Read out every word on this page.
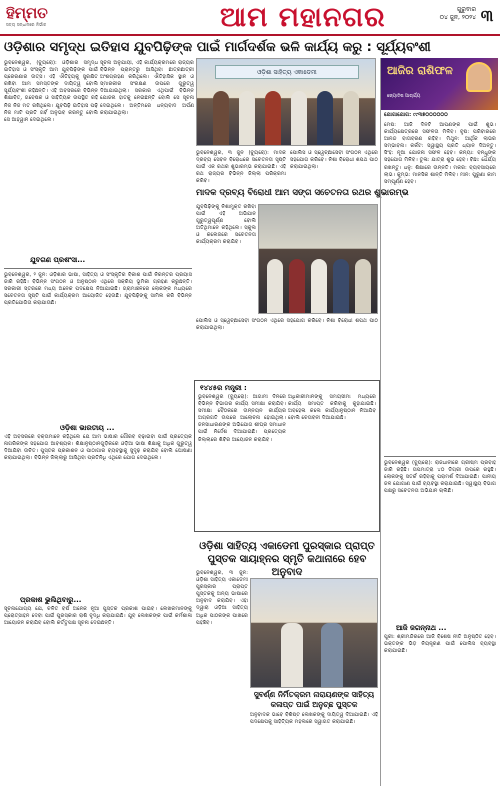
ହିମ୍ମତ
ସତ୍ୟ ସନ୍ଧାନରେ ନିର୍ଭୀକ	ଆମ ମହାନଗର	ଗୁରୁବାର
୦୪ ଜୁନ, ୨୦୨୪ ୩
ଓଡ଼ିଶାର ସମୃଦ୍ଧ ଇତିହାସ ଯୁବପିଢ଼ିଙ୍କ ପାଇଁ ମାର୍ଗଦର୍ଶକ ଭଳି କାର୍ଯ୍ୟ କରୁ : ସୂର୍ଯ୍ୟବଂଶୀ
ଭୁବନେଶ୍ୱର, (ବ୍ୟୁରୋ): ଓଡ଼ିଶାର ସମୃଦ୍ଧ ଇତିହାସ ଓ ସଂସ୍କୃତି ଆମ ଯୁବପିଢ଼ିଙ୍କ ପାଇଁ ପ୍ରେରଣାର ଉତ୍ସ। ଏହି ଐତିହ୍ୟକୁ ସୁରକ୍ଷିତ ରଖିବା ଆମ ସମସ୍ତଙ୍କ ଦାୟିତ୍ୱ ବୋଲି ସୂର୍ଯ୍ୟବଂଶୀ କହିଛନ୍ତି। ଏହି ଅବସରରେ ବିଭିନ୍ନ ଶିକ୍ଷାବିତ୍, ଗବେଷକ ଓ ସାହିତ୍ୟିକ ଉପସ୍ଥିତ ରହି ନିଜ ନିଜ ମତ ରଖିଥିଲେ। ଯୁବପିଢ଼ି ଇତିହାସ ପଢ଼ି ନିଜ ମାଟି ପ୍ରତି ଗର୍ବ ଅନୁଭବ କରନ୍ତୁ ବୋଲି ସେ ଆହ୍ୱାନ ଦେଇଥିଲେ।
ସୂଚନା ଅନୁଯାୟୀ, ଏହି କାର୍ଯ୍ୟକ୍ରମରେ ରାଜ୍ୟର ବିଭିନ୍ନ ପ୍ରାନ୍ତରୁ ଆସିଥିବା ଛାତ୍ରଛାତ୍ରୀ ଅଂଶଗ୍ରହଣ କରିଥିଲେ। ଐତିହାସିକ ସ୍ଥାନ ଓ ସ୍ମାରକୀର ସଂରକ୍ଷଣ ଉପରେ ଗୁରୁତ୍ୱ ଦିଆଯାଇଥିଲା। ସରକାର ଏଥିପାଇଁ ବିଭିନ୍ନ ଯୋଜନା ହାତକୁ ନେଇଛନ୍ତି ବୋଲି ସେ ସୂଚନା ଦେଇଥିଲେ। ଅନ୍ତିମରେ ଧନ୍ୟବାଦ ଅର୍ପଣ କରାଯାଇଥିଲା।
ଯୁବଗଣ ପ୍ରଶଂସା...
ଓଡ଼ିଶା ସାହିତ୍ୟ ଏକାଡେମୀ
ଭୁବନେଶ୍ୱର, ୩ ଜୁନ (ବ୍ୟୁରୋ): ମାଦକ ଦ୍ରବ୍ୟ ସେବନ ବିରୋଧରେ ସଚେତନତା ସୃଷ୍ଟି ପାଇଁ ଏକ ରଥର ଶୁଭାରମ୍ଭ କରାଯାଇଛି। ଏହି ରଥ ରାଜ୍ୟର ବିଭିନ୍ନ ଜିଲ୍ଲା ପରିକ୍ରମା କରିବ।
ପୋଲିସ ଓ ସ୍ୱେଚ୍ଛାସେବୀ ସଂଗଠନ ଏଥିରେ ସହଯୋଗ କରିବେ। ନିଶା ବିରୋଧୀ ଶପଥ ପାଠ କରାଯାଇଥିଲା।
ଭୁବନେଶ୍ୱର, ୨ ଜୁନ: ଓଡ଼ିଶାର ଭାଷା, ସାହିତ୍ୟ ଓ ସଂସ୍କୃତିର ବିକାଶ ପାଇଁ ନିରନ୍ତର ପ୍ରୟାସ ଜାରି ରହିଛି। ବିଭିନ୍ନ ସଂଗଠନ ଓ ଅନୁଷ୍ଠାନ ଏଥିରେ ସକ୍ରିୟ ଭୂମିକା ଗ୍ରହଣ କରୁଛନ୍ତି। ସରକାରୀ ସ୍ତରରେ ମଧ୍ୟ ଅନେକ ପଦକ୍ଷେପ ନିଆଯାଇଛି। ଗ୍ରାମାଞ୍ଚଳରେ ଲୋକଙ୍କ ମଧ୍ୟରେ ସଚେତନତା ସୃଷ୍ଟି ପାଇଁ କାର୍ଯ୍ୟକ୍ରମ ଆୟୋଜିତ ହେଉଛି। ଯୁବପିଢ଼ିଙ୍କୁ ସାମିଲ କରି ବିଭିନ୍ନ ପ୍ରତିଯୋଗିତା କରାଯାଉଛି।
ଓଡ଼ିଶା ଭାରତୀୟ ...
ଏହି ଅବସରରେ ବକ୍ତାମାନେ କହିଥିଲେ ଯେ ଆମ ଭାଷାର ଗୌରବ ବଢ଼ାଇବା ପାଇଁ ପ୍ରତ୍ୟେକ ନାଗରିକଙ୍କ ସହଯୋଗ ଆବଶ୍ୟକ। ଶିକ୍ଷାନୁଷ୍ଠାନଗୁଡ଼ିକରେ ଓଡ଼ିଆ ଭାଷା ଶିକ୍ଷାକୁ ଅଧିକ ଗୁରୁତ୍ୱ ଦିଆଯିବା ଉଚିତ। ପୁସ୍ତକ ପ୍ରକାଶନ ଓ ପାଠାଗାର ବ୍ୟବସ୍ଥାକୁ ସୁଦୃଢ଼ କରାଯିବ ବୋଲି ଘୋଷଣା କରାଯାଇଥିଲା। ବିଭିନ୍ନ ଜିଲ୍ଲାରୁ ଆସିଥିବା ପ୍ରତିନିଧି ଏଥିରେ ଯୋଗ ଦେଇଥିଲେ।
ପ୍ରକାଶ ଭୁଲିଥିବାରୁ...
ସୂଚନାଯୋଗ୍ୟ ଯେ, ଚଳିତ ବର୍ଷ ଅନେକ ନୂଆ ପୁସ୍ତକ ପ୍ରକାଶ ପାଇବ। ଲେଖକମାନଙ୍କୁ ପ୍ରୋତ୍ସାହନ ଦେବା ପାଇଁ ପୁରସ୍କାର ରାଶି ବୃଦ୍ଧି କରାଯାଇଛି। ଯୁବ ଲେଖକଙ୍କ ପାଇଁ କର୍ମଶାଳା ଆୟୋଜନ କରାଯିବ ବୋଲି କର୍ତ୍ତୃପକ୍ଷ ସୂଚନା ଦେଇଛନ୍ତି।
ମାଦକ ଦ୍ରବ୍ୟ ବିରୋଧୀ ଆମ ସଙ୍ଗ ସଚେତନତା ରଥର ଶୁଭାରମ୍ଭ
ଯୁବପିଢ଼ିଙ୍କୁ ନିଶାମୁକ୍ତ ରଖିବା ପାଇଁ ଏହି ଅଭିଯାନ ଗୁରୁତ୍ୱପୂର୍ଣ୍ଣ ବୋଲି ଅତିଥିମାନେ କହିଥିଲେ। ସ୍କୁଲ ଓ କଲେଜରେ ସଚେତନତା କାର୍ଯ୍ୟକ୍ରମ କରାଯିବ।
ପୋଲିସ ଓ ସ୍ୱେଚ୍ଛାସେବୀ ସଂଗଠନ ଏଥିରେ ସହଯୋଗ କରିବେ। ନିଶା ବିରୋଧୀ ଶପଥ ପାଠ କରାଯାଇଥିଲା।
୧୪୪୫ର ମନ୍ତ୍ରୀ :
ଭୁବନେଶ୍ୱର (ବ୍ୟୁରୋ): ଆଗାମୀ ଦିନରେ ବିଭିନ୍ନ ବିଭାଗର କାର୍ଯ୍ୟ ସମୀକ୍ଷା କରାଯିବ। ସମୀକ୍ଷା ବୈଠକରେ ଉନ୍ନୟନ କାର୍ଯ୍ୟର ଅଗ୍ରଗତି ଉପରେ ଆଲୋଚନା ହୋଇଥିଲା। ଜନସାଧାରଣଙ୍କ ଅଭିଯୋଗ ଶୀଘ୍ର ସମାଧାନ ପାଇଁ ନିର୍ଦ୍ଦେଶ ଦିଆଯାଇଛି। ପ୍ରତ୍ୟେକ ଜିଲ୍ଲାରେ ଶିବିର ଆୟୋଜନ କରାଯିବ।
ଅଧିକାରୀମାନଙ୍କୁ ସମୟସୀମା ମଧ୍ୟରେ କାର୍ଯ୍ୟ ସମାପ୍ତ କରିବାକୁ କୁହାଯାଇଛି। ଅବହେଳା କଲେ କାର୍ଯ୍ୟାନୁଷ୍ଠାନ ନିଆଯିବ ବୋଲି ଚେତାବନୀ ଦିଆଯାଇଛି।
ଓଡ଼ିଶା ସାହିତ୍ୟ ଏକାଡେମୀ ପୁରସ୍କାର ପ୍ରାପ୍ତ ପୁସ୍ତକ ସାୟାହ୍ନର ସ୍ମୃତି କଥାନାରେ ହେବ ଅନୁବାଦ
ଭୁବନେଶ୍ୱର, ୩ ଜୁନ: ଓଡ଼ିଶା ସାହିତ୍ୟ ଏକାଡେମୀ ପୁରସ୍କାର ପ୍ରାପ୍ତ ପୁସ୍ତକକୁ ଅନ୍ୟ ଭାଷାରେ ଅନୁବାଦ କରାଯିବ। ଏହା ଦ୍ୱାରା ଓଡ଼ିଆ ସାହିତ୍ୟ ଅଧିକ ପାଠକଙ୍କ ପାଖରେ ପହଞ୍ଚିବ।
ସୁବର୍ଣ୍ଣ ନିର୍ମିତକ୍ରମ ନାରାୟଣଙ୍କ ସାହିତ୍ୟ କଳାପ୍ତ ପାଇଁ ଅନୁଚ୍ଛ ପୁସ୍ତକ
ଅନୁବାଦକ ଭାବେ ବିଶିଷ୍ଟ ଲେଖକଙ୍କୁ ଦାୟିତ୍ୱ ଦିଆଯାଇଛି। ଏହି ପଦକ୍ଷେପକୁ ସାହିତ୍ୟିକ ମହଲରେ ସ୍ୱାଗତ କରାଯାଇଛି।
ଆଜିର ରାଶିଫଳ
ଜ୍ୟୋତିଷ ଆଚାର୍ଯ୍ୟ
ଯୋଗାଯୋଗ: ୯୯୩୭୦୦୦୦୦୦
ମେଷ: ଆଜି ଦିନଟି ଆପଣଙ୍କ ପାଇଁ ଶୁଭ। କାର୍ଯ୍ୟକ୍ଷେତ୍ରରେ ସଫଳତା ମିଳିବ। ବୃଷ: ପରିବାରରେ ଆନନ୍ଦ ବାତାବରଣ ରହିବ। ମିଥୁନ: ଆର୍ଥିକ ଲାଭର ସମ୍ଭାବନା। କର୍କଟ: ସ୍ୱାସ୍ଥ୍ୟ ପ୍ରତି ଧ୍ୟାନ ଦିଅନ୍ତୁ। ସିଂହ: ନୂଆ ଯୋଜନା ସଫଳ ହେବ। କନ୍ୟା: ବନ୍ଧୁଙ୍କ ସହଯୋଗ ମିଳିବ। ତୁଳା: ଯାତ୍ରା ଶୁଭ ହେବ। ବିଛା: ଧୈର୍ଯ୍ୟ ରଖନ୍ତୁ। ଧନୁ: ଶିକ୍ଷାରେ ଉନ୍ନତି। ମକର: ବ୍ୟବସାୟରେ ଲାଭ। କୁମ୍ଭ: ମାନସିକ ଶାନ୍ତି ମିଳିବ। ମୀନ: ପୁରୁଣା କାମ ସମ୍ପୂର୍ଣ୍ଣ ହେବ।
ଭୁବନେଶ୍ୱର (ବ୍ୟୁରୋ): ରାଜଧାନୀରେ ଗ୍ରୀଷ୍ମ ପ୍ରବାହ ଜାରି ରହିଛି। ତାପମାତ୍ରା ୪୦ ଡିଗ୍ରୀ ଉପରେ ରହୁଛି। ଲୋକଙ୍କୁ ସତର୍କ ରହିବାକୁ ପରାମର୍ଶ ଦିଆଯାଇଛି। ପାନୀୟ ଜଳ ଯୋଗାଣ ପାଇଁ ବ୍ୟବସ୍ଥା କରାଯାଇଛି। ସ୍ୱାସ୍ଥ୍ୟ ବିଭାଗ ପକ୍ଷରୁ ସଚେତନତା ଅଭିଯାନ ଚାଲିଛି।
ଆଜି ଜଗନ୍ନାଥ ...
ପୁରୀ: ଶ୍ରୀମନ୍ଦିରରେ ଆଜି ବିଶେଷ ନୀତି ଅନୁଷ୍ଠିତ ହେବ। ଭକ୍ତଙ୍କ ଭିଡ଼ ନିୟନ୍ତ୍ରଣ ପାଇଁ ପୋଲିସ ବ୍ୟବସ୍ଥା କରାଯାଇଛି।
